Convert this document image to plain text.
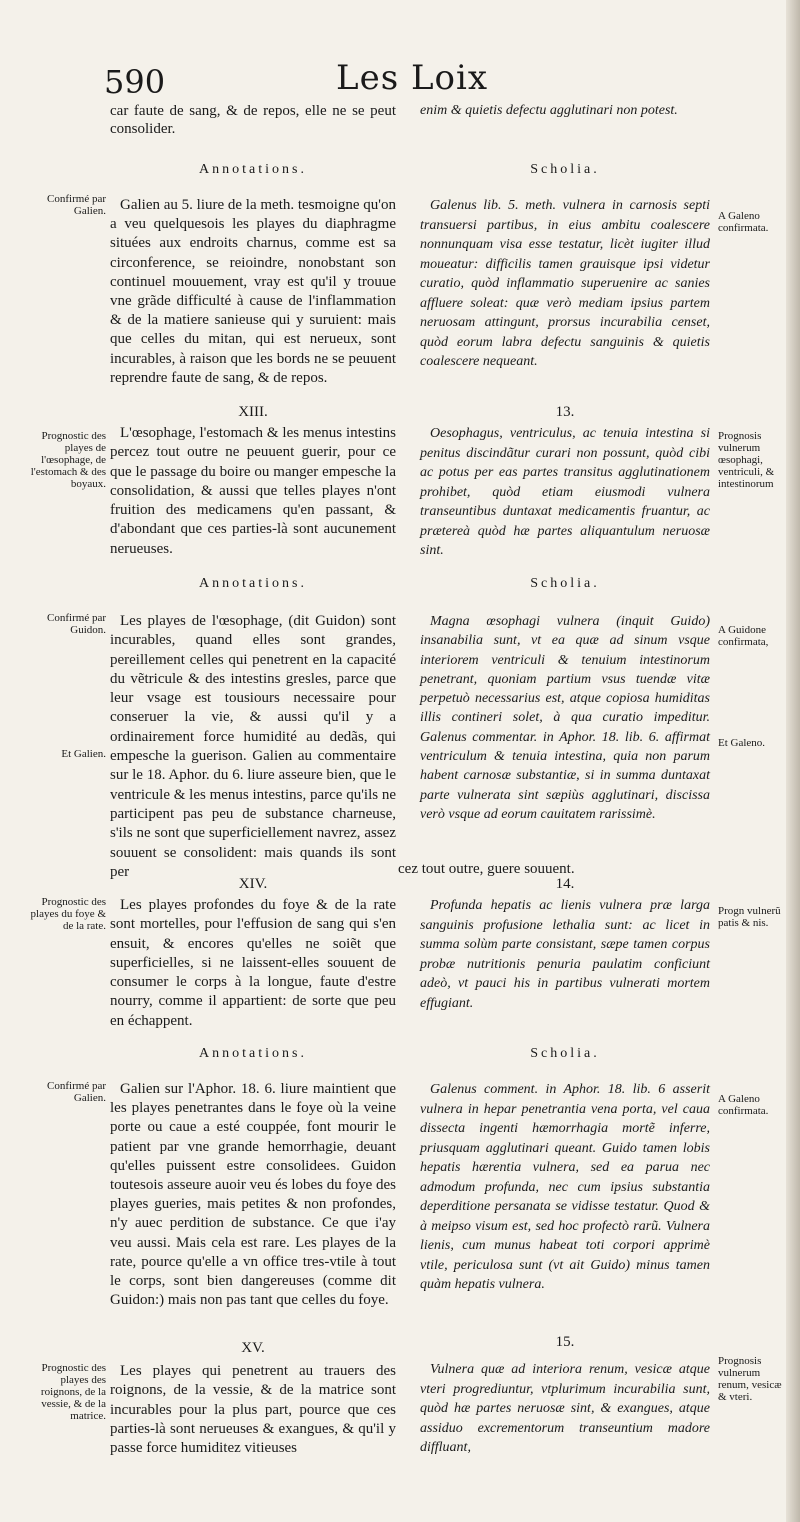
590	Les Loix

car faute de sang, & de repos, elle ne se peut consolider.

enim & quietis defectu agglutinari non potest.

Annotations.	Scholia.
Confirmé par Galien. Galien au 5. liure de la meth. tesmoigne qu'on a veu quelquesois les playes du diaphragme situées aux endroits charnus, comme est sa circonference, se reioindre, nonobstant son continuel mouuement, vray est qu'il y trouue vne grãde difficulté à cause de l'inflammation & de la matiere sanieuse qui y suruient: mais que celles du mitan, qui est nerueux, sont incurables, à raison que les bords ne se peuuent reprendre faute de sang, & de repos.

Galenus lib. 5. meth. vulnera in carnosis septi transuersi partibus, in eius ambitu coalescere nonnunquam visa esse testatur, licèt iugiter illud moueatur: difficilis tamen grauisque ipsi videtur curatio, quòd inflammatio superuenire ac sanies affluere soleat: quæ verò mediam ipsius partem neruosam attingunt, prorsus incurabilia censet, quòd eorum labra defectu sanguinis & quietis coalescere nequeant.

A Galeno confirmata.
XIII.	13.
Prognostic des playes de l'œsophage, de l'estomach & des boyaux.

L'œsophage, l'estomach & les menus intestins percez tout outre ne peuuent guerir, pour ce que le passage du boire ou manger empesche la consolidation, & aussi que telles playes n'ont fruition des medicamens qu'en passant, & d'abondant que ces parties-là sont aucunement nerueuses.

Oesophagus, ventriculus, ac tenuia intestina si penitus discindãtur curari non possunt, quòd cibi ac potus per eas partes transitus agglutinationem prohibet, quòd etiam eiusmodi vulnera transeuntibus duntaxat medicamentis fruantur, ac prætereà quòd hæ partes aliquantulum neruosæ sint.

Prognosis vulnerum œsophagi, ventriculi, & intestinorum
Annotations.	Scholia.
Confirmé par Guidon.

Les playes de l'œsophage, (dit Guidon) sont incurables, quand elles sont grandes, pereillement celles qui penetrent en la capacité du vẽtricule & des intestins gresles, parce que leur vsage est tousiours necessaire pour conseruer la vie, & aussi qu'il y a ordinairement force humidité au dedãs, qui empesche la guerison. Galien au commentaire sur le 18. Aphor. du 6. liure asseure bien, que le ventricule & les menus intestins, parce qu'ils ne participent pas peu de substance charneuse, s'ils ne sont que superficiellement navrez, assez souuent se consolident: mais quands ils sont per

Et Galien.

Magna œsophagi vulnera (inquit Guido) insanabilia sunt, vt ea quæ ad sinum vsque interiorem ventriculi & tenuium intestinorum penetrant, quoniam partium vsus tuendæ vitæ perpetuò necessarius est, atque copiosa humiditas illis contineri solet, à qua curatio impeditur. Galenus commentar. in Aphor. 18. lib. 6. affirmat ventriculum & tenuia intestina, quia non parum habent carnosæ substantiæ, si in summa duntaxat parte vulnerata sint sæpiùs agglutinari, discissa verò vsque ad eorum cauitatem rarissimè.

A Guidone confirmata,
Et Galeno.
cez tout outre, guere souuent.
XIV.	14.
Prognostic des playes du foye & de la rate.

Les playes profondes du foye & de la rate sont mortelles, pour l'effusion de sang qui s'en ensuit, & encores qu'elles ne soiẽt que superficielles, si ne laissent-elles souuent de consumer le corps à la longue, faute d'estre nourry, comme il appartient: de sorte que peu en échappent.

Profunda hepatis ac lienis vulnera præ larga sanguinis profusione lethalia sunt: ac licet in summa solùm parte consistant, sæpe tamen corpus probæ nutritionis penuria paulatim conficiunt adeò, vt pauci his in partibus vulnerati mortem effugiant.

Progn vulnerũ patis & nis.
Annotations.	Scholia.
Confirmé par Galien.

Galien sur l'Aphor. 18. 6. liure maintient que les playes penetrantes dans le foye où la veine porte ou caue a esté couppée, font mourir le patient par vne grande hemorrhagie, deuant qu'elles puissent estre consolidees. Guidon toutesois asseure auoir veu és lobes du foye des playes gueries, mais petites & non profondes, n'y auec perdition de substance. Ce que i'ay veu aussi. Mais cela est rare. Les playes de la rate, pource qu'elle a vn office tres-vtile à tout le corps, sont bien dangereuses (comme dit Guidon:) mais non pas tant que celles du foye.

Galenus comment. in Aphor. 18. lib. 6 asserit vulnera in hepar penetrantia vena porta, vel caua dissecta ingenti hæmorrhagia mortẽ inferre, priusquam agglutinari queant. Guido tamen lobis hepatis hærentia vulnera, sed ea parua nec admodum profunda, nec cum ipsius substantia deperditione persanata se vidisse testatur. Quod & à meipso visum est, sed hoc profectò rarũ. Vulnera lienis, cum munus habeat toti corpori apprimè vtile, periculosa sunt (vt ait Guido) minus tamen quàm hepatis vulnera.

A Galeno confirmata.
XV.	15.
Prognostic des playes des roignons, de la vessie, & de la matrice.

Les playes qui penetrent au trauers des roignons, de la vessie, & de la matrice sont incurables pour la plus part, pource que ces parties-là sont nerueuses & exangues, & qu'il y passe force humiditez vitieuses

Vulnera quæ ad interiora renum, vesicæ atque vteri progrediuntur, vtplurimum incurabilia sunt, quòd hæ partes neruosæ sint, & exangues, atque assiduo excrementorum transeuntium madore diffluant,

Prognosis vulnerum renum, vesicæ & vteri.
